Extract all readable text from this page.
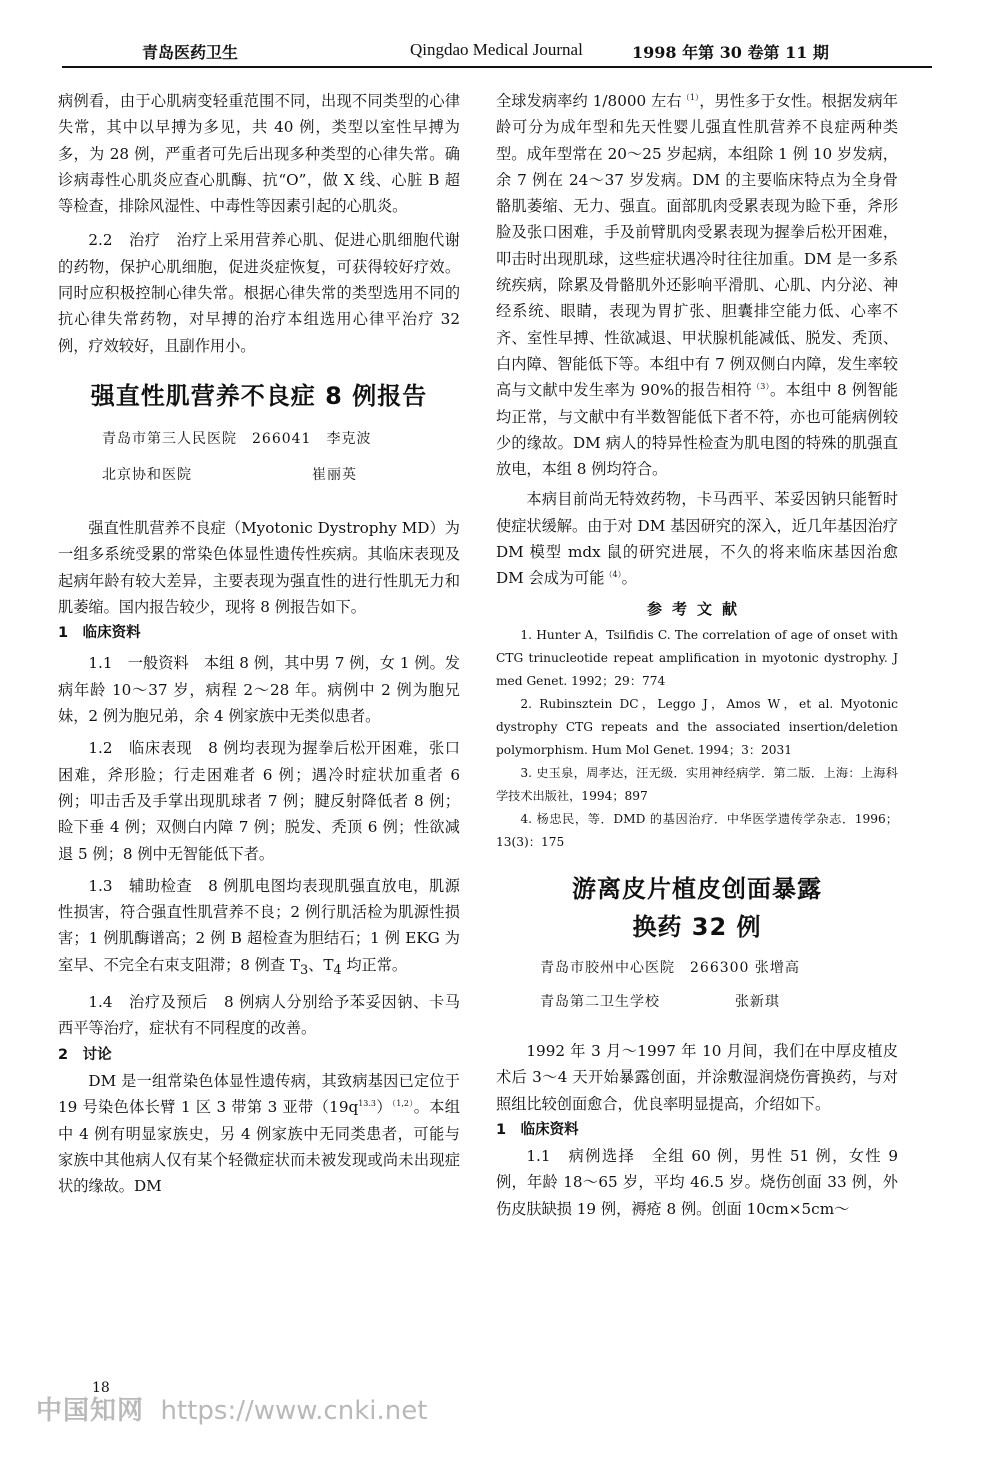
青岛医药卫生	Qingdao Medical Journal	1998 年第 30 卷第 11 期

病例看，由于心肌病变轻重范围不同，出现不同类型的心律失常，其中以早搏为多见，共 40 例，类型以室性早搏为多，为 28 例，严重者可先后出现多种类型的心律失常。确诊病毒性心肌炎应查心肌酶、抗“O”，做 X 线、心脏 B 超等检查，排除风湿性、中毒性等因素引起的心肌炎。

2.2　治疗　治疗上采用营养心肌、促进心肌细胞代谢的药物，保护心肌细胞，促进炎症恢复，可获得较好疗效。同时应积极控制心律失常。根据心律失常的类型选用不同的抗心律失常药物，对早搏的治疗本组选用心律平治疗 32 例，疗效较好，且副作用小。

强直性肌营养不良症 8 例报告
青岛市第三人民医院　266041　李克波
北京协和医院　　　　　　　　崔丽英

强直性肌营养不良症（Myotonic Dystrophy MD）为一组多系统受累的常染色体显性遗传性疾病。其临床表现及起病年龄有较大差异，主要表现为强直性的进行性肌无力和肌萎缩。国内报告较少，现将 8 例报告如下。

1　临床资料

1.1　一般资料　本组 8 例，其中男 7 例，女 1 例。发病年龄 10～37 岁，病程 2～28 年。病例中 2 例为胞兄妹，2 例为胞兄弟，余 4 例家族中无类似患者。

1.2　临床表现　8 例均表现为握拳后松开困难，张口困难，斧形脸；行走困难者 6 例；遇冷时症状加重者 6 例；叩击舌及手掌出现肌球者 7 例；腱反射降低者 8 例；睑下垂 4 例；双侧白内障 7 例；脱发、秃顶 6 例；性欲减退 5 例；8 例中无智能低下者。

1.3　辅助检查　8 例肌电图均表现肌强直放电，肌源性损害，符合强直性肌营养不良；2 例行肌活检为肌源性损害；1 例肌酶谱高；2 例 B 超检查为胆结石；1 例 EKG 为室早、不完全右束支阻滞；8 例查 $T_3$、$T_4$ 均正常。

1.4　治疗及预后　8 例病人分别给予苯妥因钠、卡马西平等治疗，症状有不同程度的改善。

2　讨论

DM 是一组常染色体显性遗传病，其致病基因已定位于 19 号染色体长臂 1 区 3 带第 3 亚带$(19q^{13.3})^{(1,2)}$。本组中 4 例有明显家族史，另 4 例家族中无同类患者，可能与家族中其他病人仅有某个轻微症状而未被发现或尚未出现症状的缘故。DM

全球发病率约 1/8000 左右$^{(1)}$，男性多于女性。根据发病年龄可分为成年型和先天性婴儿强直性肌营养不良症两种类型。成年型常在 20～25 岁起病，本组除 1 例 10 岁发病，余 7 例在 24～37 岁发病。DM 的主要临床特点为全身骨骼肌萎缩、无力、强直。面部肌肉受累表现为睑下垂，斧形脸及张口困难，手及前臂肌肉受累表现为握拳后松开困难，叩击时出现肌球，这些症状遇冷时往往加重。DM 是一多系统疾病，除累及骨骼肌外还影响平滑肌、心肌、内分泌、神经系统、眼睛，表现为胃扩张、胆囊排空能力低、心率不齐、室性早搏、性欲减退、甲状腺机能减低、脱发、秃顶、白内障、智能低下等。本组中有 7 例双侧白内障，发生率较高与文献中发生率为 90%的报告相符$^{(3)}$。本组中 8 例智能均正常，与文献中有半数智能低下者不符，亦也可能病例较少的缘故。DM 病人的特异性检查为肌电图的特殊的肌强直放电，本组 8 例均符合。

本病目前尚无特效药物，卡马西平、苯妥因钠只能暂时使症状缓解。由于对 DM 基因研究的深入，近几年基因治疗 DM 模型 mdx 鼠的研究进展，不久的将来临床基因治愈 DM 会成为可能$^{(4)}$。

参考文献
1. Hunter A，Tsilfidis C. The correlation of age of onset with CTG trinucleotide repeat amplification in myotonic dystrophy. J med Genet. 1992；29：774
2. Rubinsztein DC，Leggo J，Amos W，et al. Myotonic dystrophy CTG repeats and the associated insertion/deletion polymorphism. Hum Mol Genet. 1994；3：2031
3. 史玉泉，周孝达，汪无级．实用神经病学．第二版．上海：上海科学技术出版社，1994；897
4. 杨忠民，等．DMD 的基因治疗．中华医学遗传学杂志．1996；13(3)：175
游离皮片植皮创面暴露
换药 32 例
青岛市胶州中心医院　266300 张增高
青岛第二卫生学校　　　　　张新琪

1992 年 3 月～1997 年 10 月间，我们在中厚皮植皮术后 3～4 天开始暴露创面，并涂敷湿润烧伤膏换药，与对照组比较创面愈合，优良率明显提高，介绍如下。

1　临床资料

1.1　病例选择　全组 60 例，男性 51 例，女性 9 例，年龄 18～65 岁，平均 46.5 岁。烧伤创面 33 例，外伤皮肤缺损 19 例，褥疮 8 例。创面 10cm×5cm～

18
中国知网 https://www.cnki.net
